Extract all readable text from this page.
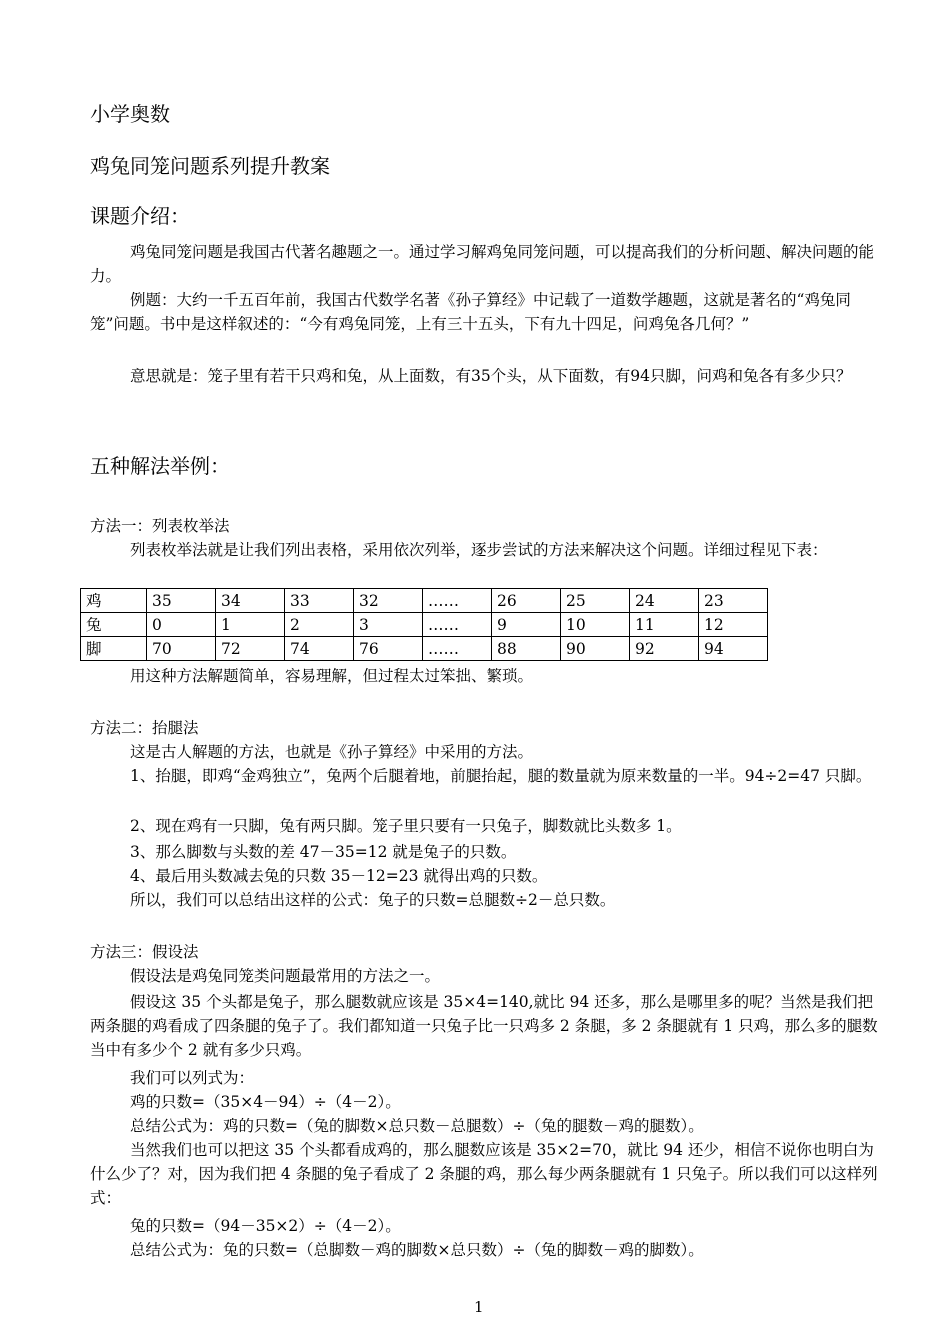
小学奥数
鸡兔同笼问题系列提升教案
课题介绍：
鸡兔同笼问题是我国古代著名趣题之一。通过学习解鸡兔同笼问题，可以提高我们的分析问题、解决问题的能力。
例题：大约一千五百年前，我国古代数学名著《孙子算经》中记载了一道数学趣题，这就是著名的“鸡兔同笼”问题。书中是这样叙述的：“今有鸡兔同笼，上有三十五头，下有九十四足，问鸡兔各几何？”
意思就是：笼子里有若干只鸡和兔，从上面数，有35个头，从下面数，有94只脚，问鸡和兔各有多少只？
五种解法举例：
方法一：列表枚举法
列表枚举法就是让我们列出表格，采用依次列举，逐步尝试的方法来解决这个问题。详细过程见下表：
鸡	35	34	33	32	……	26	25	24	23
兔	0	1	2	3	……	9	10	11	12
脚	70	72	74	76	……	88	90	92	94
用这种方法解题简单，容易理解，但过程太过笨拙、繁琐。
方法二：抬腿法
这是古人解题的方法，也就是《孙子算经》中采用的方法。
1、抬腿，即鸡“金鸡独立”，兔两个后腿着地，前腿抬起，腿的数量就为原来数量的一半。94÷2=47 只脚。
2、现在鸡有一只脚，兔有两只脚。笼子里只要有一只兔子，脚数就比头数多 1。
3、那么脚数与头数的差 47－35=12 就是兔子的只数。
4、最后用头数减去兔的只数 35－12=23 就得出鸡的只数。
所以，我们可以总结出这样的公式：兔子的只数=总腿数÷2－总只数。
方法三：假设法
假设法是鸡兔同笼类问题最常用的方法之一。
假设这 35 个头都是兔子，那么腿数就应该是 35×4=140,就比 94 还多，那么是哪里多的呢？当然是我们把两条腿的鸡看成了四条腿的兔子了。我们都知道一只兔子比一只鸡多 2 条腿，多 2 条腿就有 1 只鸡，那么多的腿数当中有多少个 2 就有多少只鸡。
我们可以列式为：
鸡的只数=（35×4－94）÷（4－2）。
总结公式为：鸡的只数=（兔的脚数×总只数－总腿数）÷（兔的腿数－鸡的腿数）。
当然我们也可以把这 35 个头都看成鸡的，那么腿数应该是 35×2=70，就比 94 还少，相信不说你也明白为什么少了？对，因为我们把 4 条腿的兔子看成了 2 条腿的鸡，那么每少两条腿就有 1 只兔子。所以我们可以这样列式：
兔的只数=（94－35×2）÷（4－2）。
总结公式为：兔的只数=（总脚数－鸡的脚数×总只数）÷（兔的脚数－鸡的脚数）。
1
